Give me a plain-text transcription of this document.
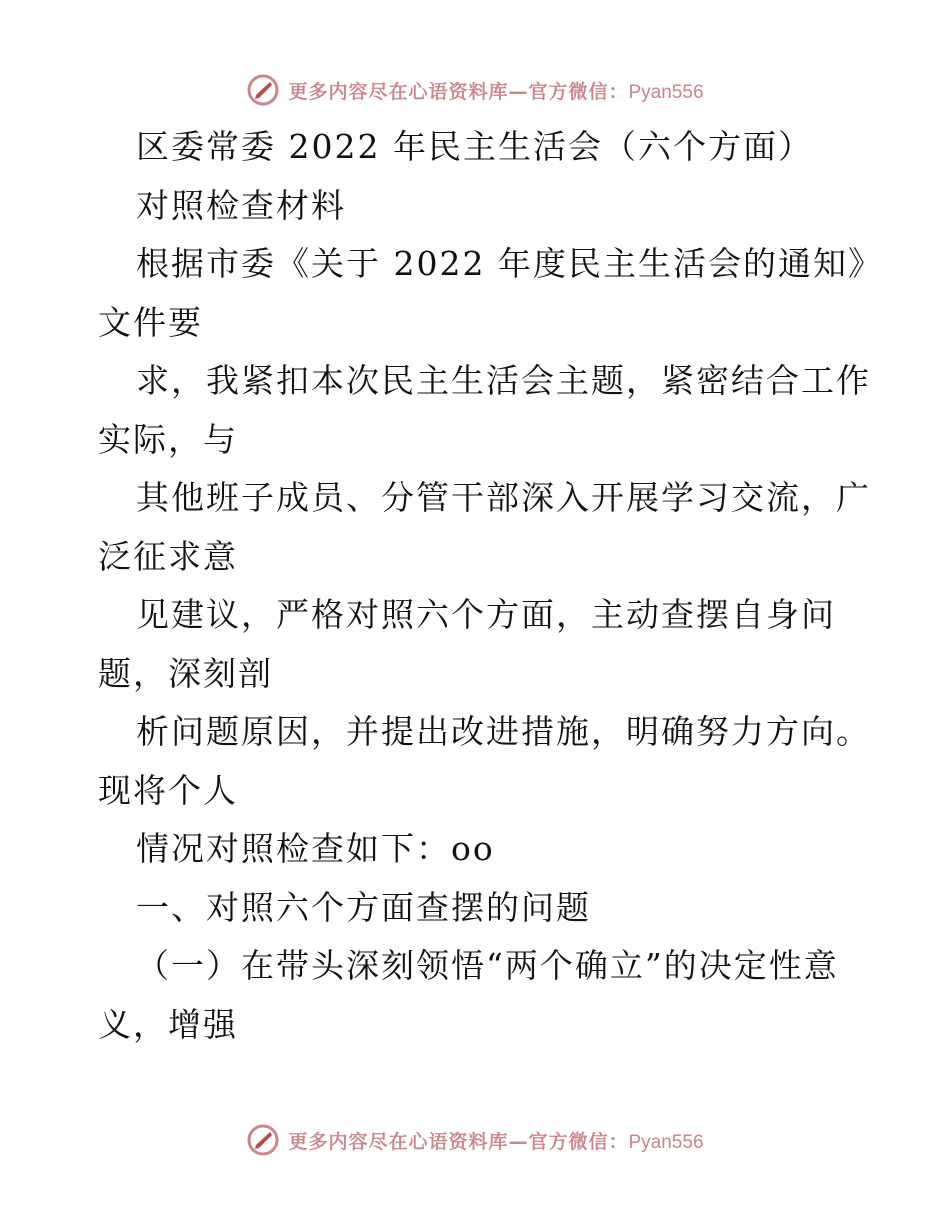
更多内容尽在心语资料库—官方微信：Pyan556
区委常委 2022 年民主生活会（六个方面）
对照检查材料
根据市委《关于 2022 年度民主生活会的通知》
文件要
求，我紧扣本次民主生活会主题，紧密结合工作
实际，与
其他班子成员、分管干部深入开展学习交流，广
泛征求意
见建议，严格对照六个方面，主动查摆自身问
题，深刻剖
析问题原因，并提出改进措施，明确努力方向。
现将个人
情况对照检查如下：oo
一、对照六个方面查摆的问题
（一）在带头深刻领悟“两个确立”的决定性意
义，增强
更多内容尽在心语资料库—官方微信：Pyan556
